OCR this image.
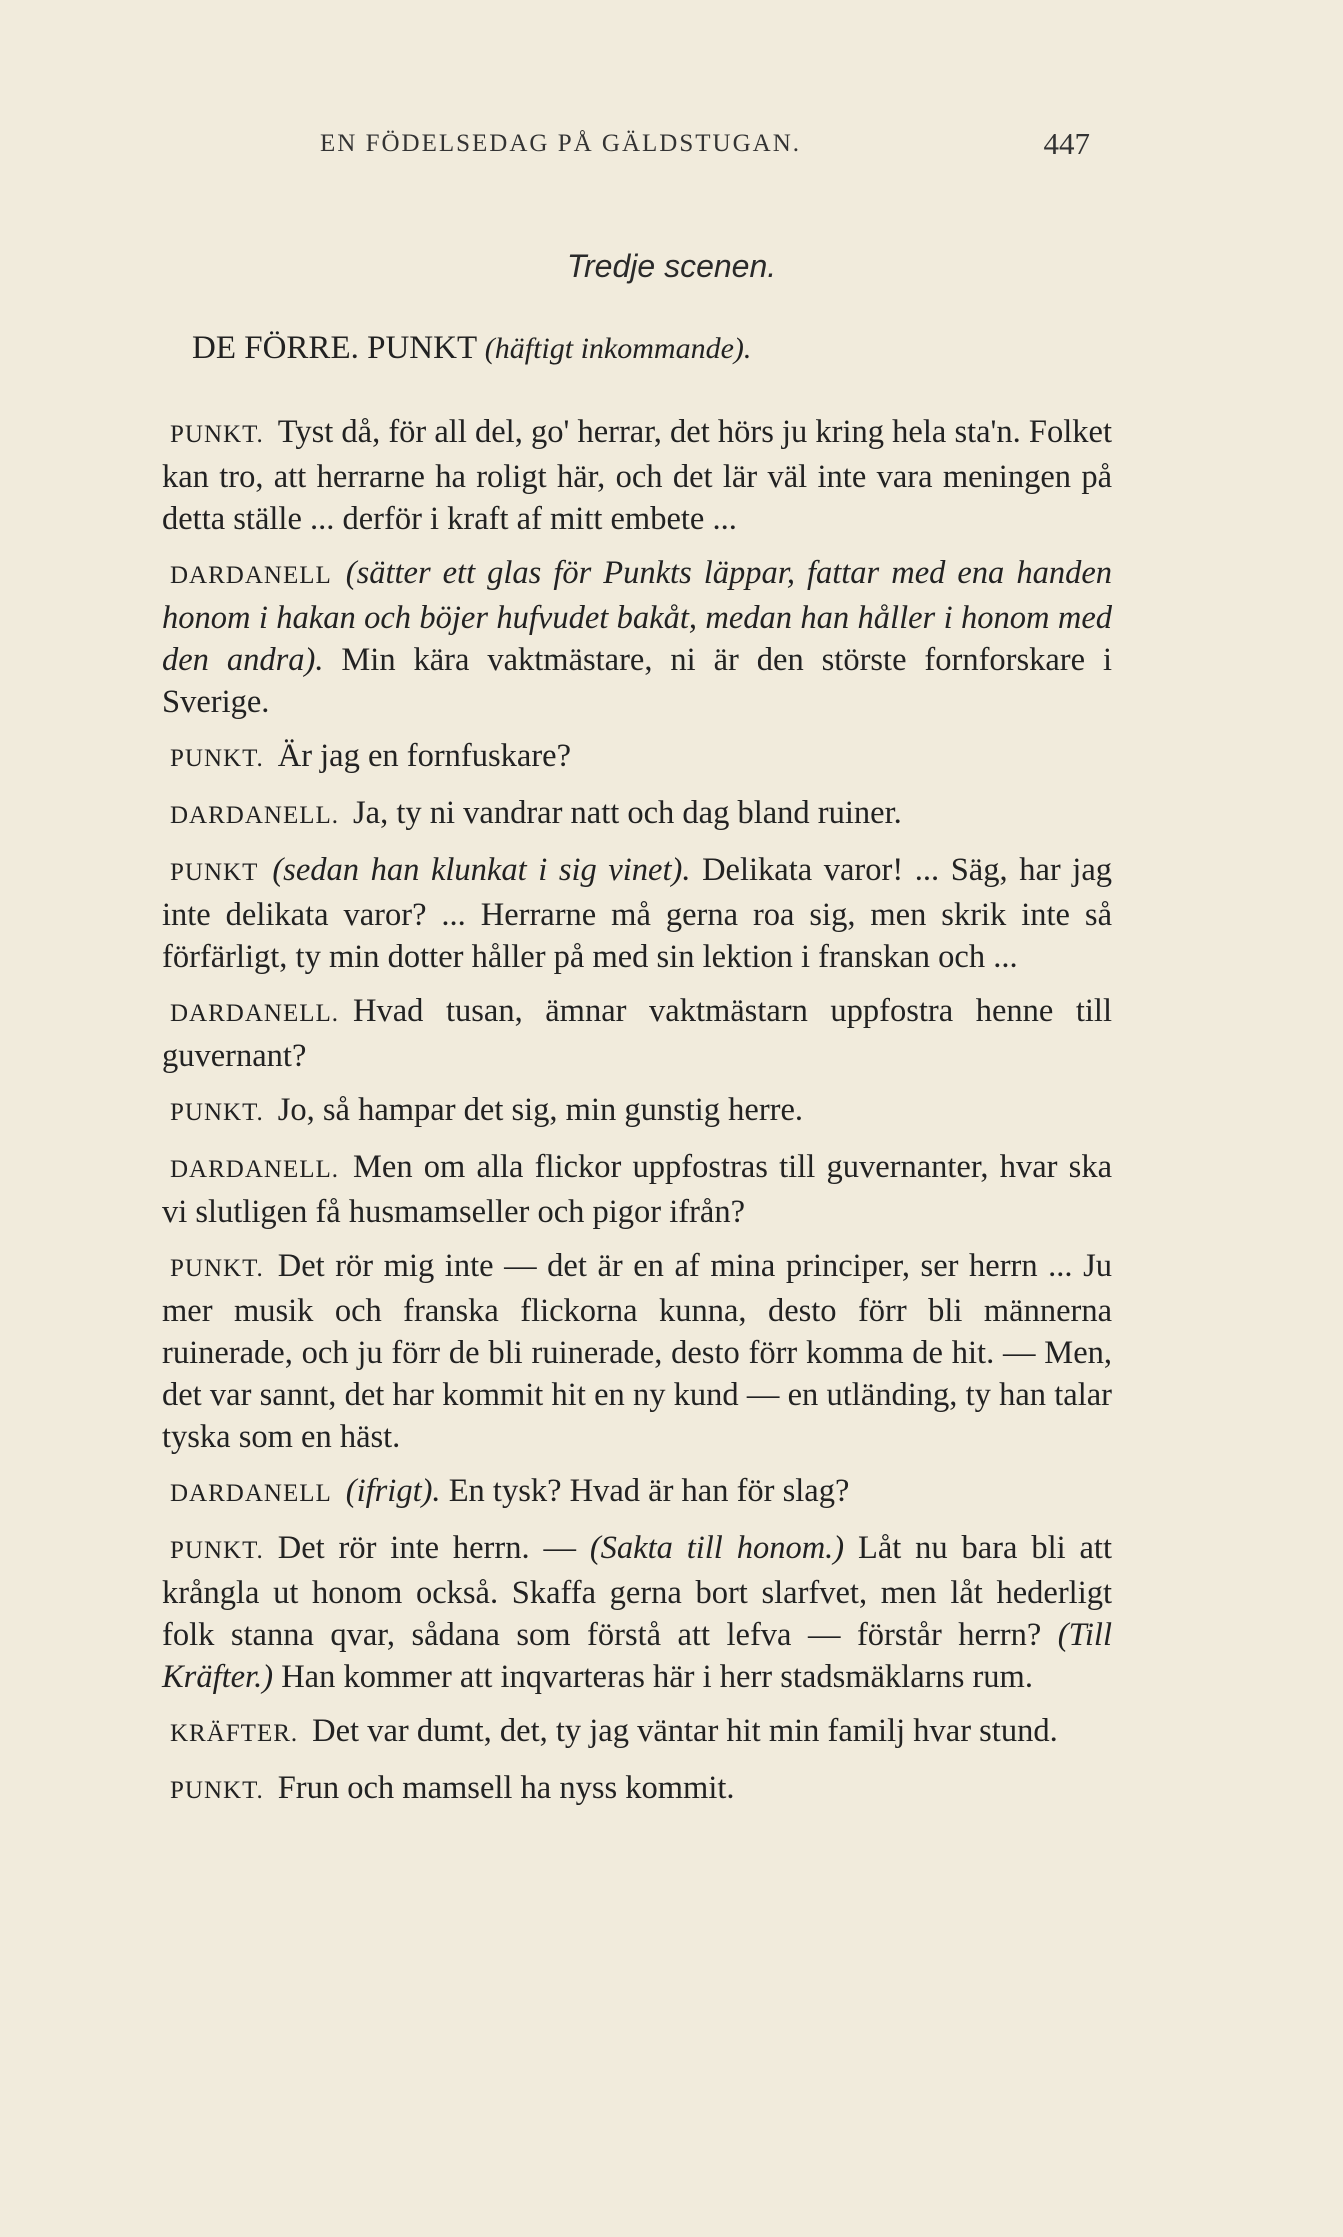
EN FÖDELSEDAG PÅ GÄLDSTUGAN.	447
Tredje scenen.
DE FÖRRE. PUNKT (häftigt inkommande).

PUNKT. Tyst då, för all del, go' herrar, det hörs ju kring hela sta'n. Folket kan tro, att herrarne ha roligt här, och det lär väl inte vara meningen på detta ställe ... derför i kraft af mitt embete ...

DARDANELL (sätter ett glas för Punkts läppar, fattar med ena handen honom i hakan och böjer hufvudet bakåt, medan han håller i honom med den andra). Min kära vaktmästare, ni är den störste fornforskare i Sverige.

PUNKT. Är jag en fornfuskare?

DARDANELL. Ja, ty ni vandrar natt och dag bland ruiner.

PUNKT (sedan han klunkat i sig vinet). Delikata varor! ... Säg, har jag inte delikata varor? ... Herrarne må gerna roa sig, men skrik inte så förfärligt, ty min dotter håller på med sin lektion i franskan och ...

DARDANELL. Hvad tusan, ämnar vaktmästarn uppfostra henne till guvernant?

PUNKT. Jo, så hampar det sig, min gunstig herre.

DARDANELL. Men om alla flickor uppfostras till guvernanter, hvar ska vi slutligen få husmamseller och pigor ifrån?

PUNKT. Det rör mig inte — det är en af mina principer, ser herrn ... Ju mer musik och franska flickorna kunna, desto förr bli männerna ruinerade, och ju förr de bli ruinerade, desto förr komma de hit. — Men, det var sannt, det har kommit hit en ny kund — en utländing, ty han talar tyska som en häst.

DARDANELL (ifrigt). En tysk? Hvad är han för slag?

PUNKT. Det rör inte herrn. — (Sakta till honom.) Låt nu bara bli att krångla ut honom också. Skaffa gerna bort slarfvet, men låt hederligt folk stanna qvar, sådana som förstå att lefva — förstår herrn? (Till Kräfter.) Han kommer att inqvarteras här i herr stadsmäklarns rum.

KRÄFTER. Det var dumt, det, ty jag väntar hit min familj hvar stund.

PUNKT. Frun och mamsell ha nyss kommit.
